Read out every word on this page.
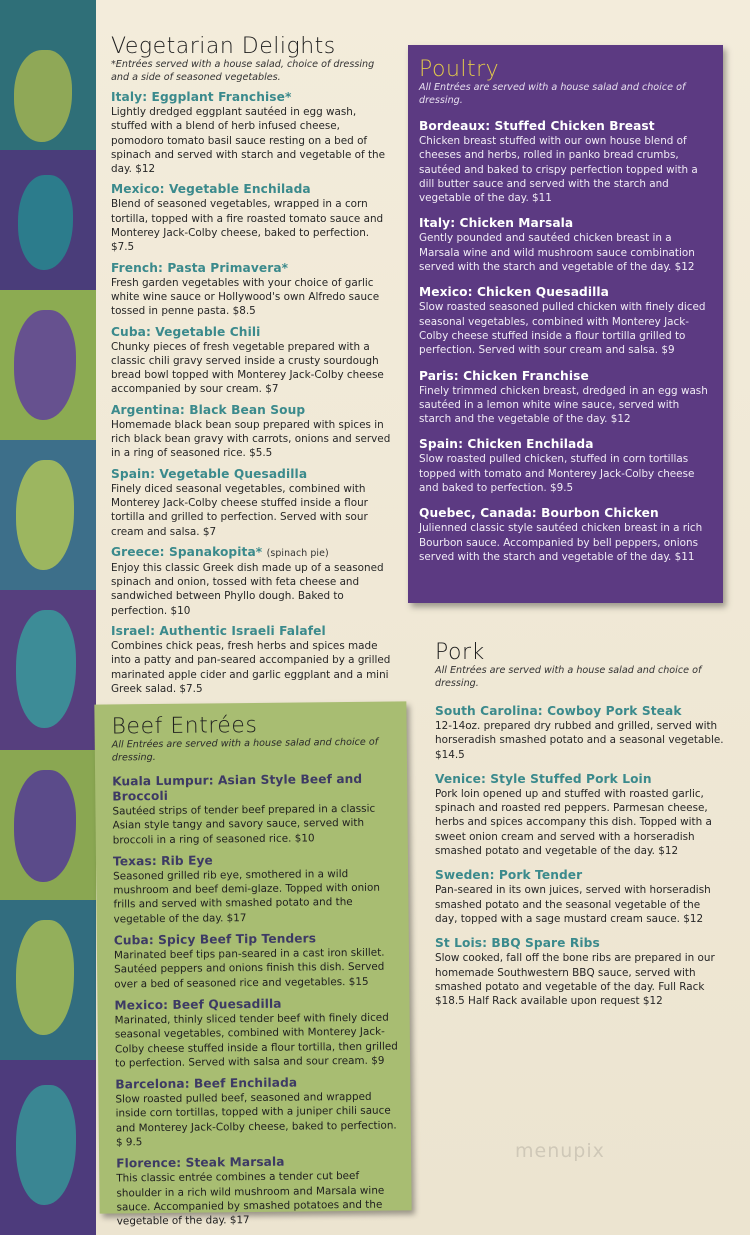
Vegetarian Delights

*Entrées served with a house salad, choice of dressing and a side of seasoned vegetables.

Italy: Eggplant Franchise*

Lightly dredged eggplant sautéed in egg wash, stuffed with a blend of herb infused cheese, pomodoro tomato basil sauce resting on a bed of spinach and served with starch and vegetable of the day. $12

Mexico: Vegetable Enchilada

Blend of seasoned vegetables, wrapped in a corn tortilla, topped with a fire roasted tomato sauce and Monterey Jack-Colby cheese, baked to perfection. $7.5

French: Pasta Primavera*

Fresh garden vegetables with your choice of garlic white wine sauce or Hollywood's own Alfredo sauce tossed in penne pasta. $8.5

Cuba: Vegetable Chili

Chunky pieces of fresh vegetable prepared with a classic chili gravy served inside a crusty sourdough bread bowl topped with Monterey Jack-Colby cheese accompanied by sour cream. $7

Argentina: Black Bean Soup

Homemade black bean soup prepared with spices in rich black bean gravy with carrots, onions and served in a ring of seasoned rice. $5.5

Spain: Vegetable Quesadilla

Finely diced seasonal vegetables, combined with Monterey Jack-Colby cheese stuffed inside a flour tortilla and grilled to perfection. Served with sour cream and salsa. $7

Greece: Spanakopita* (spinach pie)

Enjoy this classic Greek dish made up of a seasoned spinach and onion, tossed with feta cheese and sandwiched between Phyllo dough. Baked to perfection. $10

Israel: Authentic Israeli Falafel

Combines chick peas, fresh herbs and spices made into a patty and pan-seared accompanied by a grilled marinated apple cider and garlic eggplant and a mini Greek salad. $7.5

Poultry

All Entrées are served with a house salad and choice of dressing.

Bordeaux: Stuffed Chicken Breast

Chicken breast stuffed with our own house blend of cheeses and herbs, rolled in panko bread crumbs, sautéed and baked to crispy perfection topped with a dill butter sauce and served with the starch and vegetable of the day. $11

Italy: Chicken Marsala

Gently pounded and sautéed chicken breast in a Marsala wine and wild mushroom sauce combination served with the starch and vegetable of the day. $12

Mexico: Chicken Quesadilla

Slow roasted seasoned pulled chicken with finely diced seasonal vegetables, combined with Monterey Jack- Colby cheese stuffed inside a flour tortilla grilled to perfection. Served with sour cream and salsa. $9

Paris: Chicken Franchise

Finely trimmed chicken breast, dredged in an egg wash sautéed in a lemon white wine sauce, served with starch and the vegetable of the day. $12

Spain: Chicken Enchilada

Slow roasted pulled chicken, stuffed in corn tortillas topped with tomato and Monterey Jack-Colby cheese and baked to perfection. $9.5

Quebec, Canada: Bourbon Chicken

Julienned classic style sautéed chicken breast in a rich Bourbon sauce. Accompanied by bell peppers, onions served with the starch and vegetable of the day. $11

Pork

All Entrées are served with a house salad and choice of dressing.

South Carolina: Cowboy Pork Steak

12-14oz. prepared dry rubbed and grilled, served with horseradish smashed potato and a seasonal vegetable. $14.5

Venice: Style Stuffed Pork Loin

Pork loin opened up and stuffed with roasted garlic, spinach and roasted red peppers. Parmesan cheese, herbs and spices accompany this dish. Topped with a sweet onion cream and served with a horseradish smashed potato and vegetable of the day. $12

Sweden: Pork Tender

Pan-seared in its own juices, served with horseradish smashed potato and the seasonal vegetable of the day, topped with a sage mustard cream sauce. $12

St Lois: BBQ Spare Ribs

Slow cooked, fall off the bone ribs are prepared in our homemade Southwestern BBQ sauce, served with smashed potato and vegetable of the day. Full Rack $18.5 Half Rack available upon request $12

Beef Entrées

All Entrées are served with a house salad and choice of dressing.

Kuala Lumpur: Asian Style Beef and Broccoli

Sautéed strips of tender beef prepared in a classic Asian style tangy and savory sauce, served with broccoli in a ring of seasoned rice. $10

Texas: Rib Eye

Seasoned grilled rib eye, smothered in a wild mushroom and beef demi-glaze. Topped with onion frills and served with smashed potato and the vegetable of the day. $17

Cuba: Spicy Beef Tip Tenders

Marinated beef tips pan-seared in a cast iron skillet. Sautéed peppers and onions finish this dish. Served over a bed of seasoned rice and vegetables. $15

Mexico: Beef Quesadilla

Marinated, thinly sliced tender beef with finely diced seasonal vegetables, combined with Monterey Jack-Colby cheese stuffed inside a flour tortilla, then grilled to perfection. Served with salsa and sour cream. $9

Barcelona: Beef Enchilada

Slow roasted pulled beef, seasoned and wrapped inside corn tortillas, topped with a juniper chili sauce and Monterey Jack-Colby cheese, baked to perfection. $ 9.5

Florence: Steak Marsala

This classic entrée combines a tender cut beef shoulder in a rich wild mushroom and Marsala wine sauce. Accompanied by smashed potatoes and the vegetable of the day. $17

menupix
